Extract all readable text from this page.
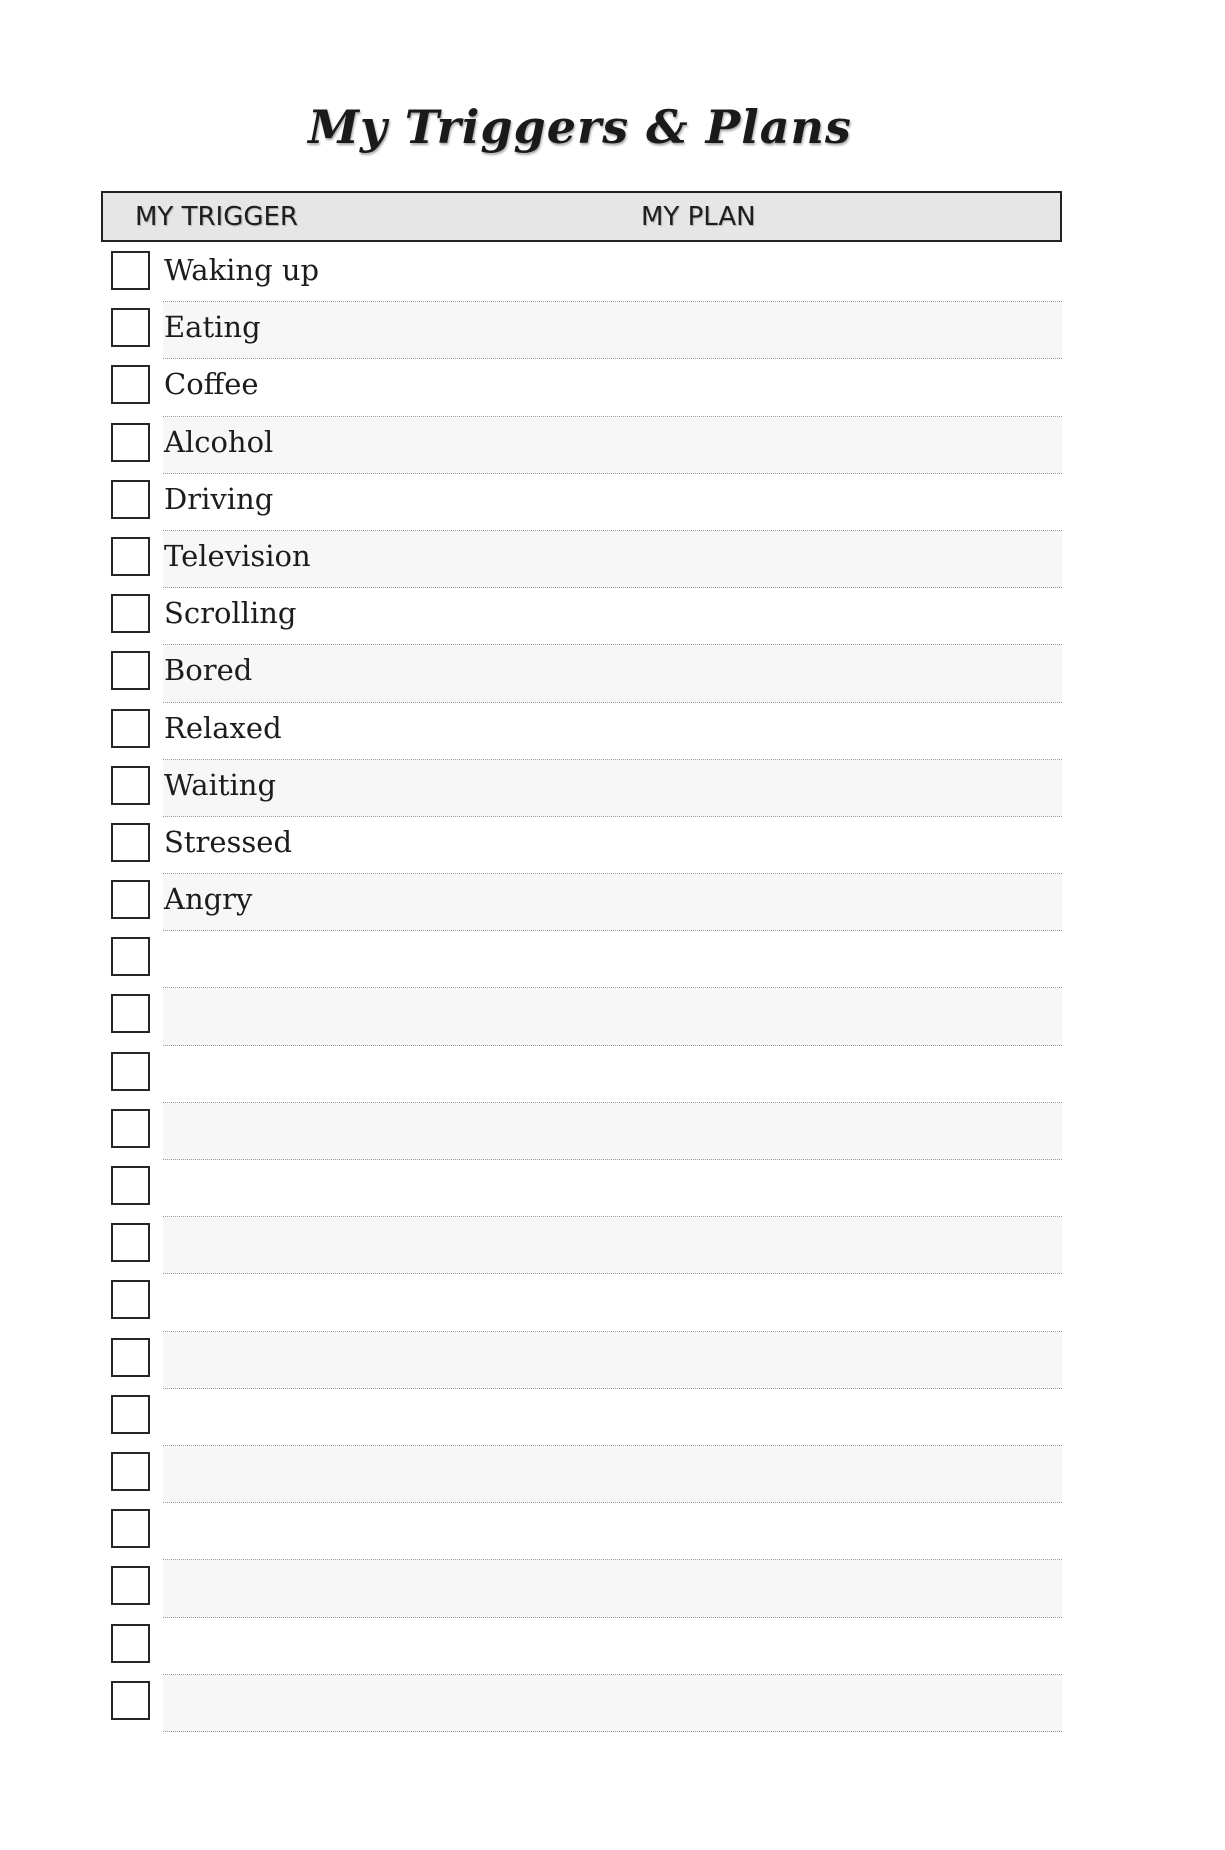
My Triggers & Plans
MY TRIGGER	MY PLAN
Waking up
Eating
Coffee
Alcohol
Driving
Television
Scrolling
Bored
Relaxed
Waiting
Stressed
Angry
